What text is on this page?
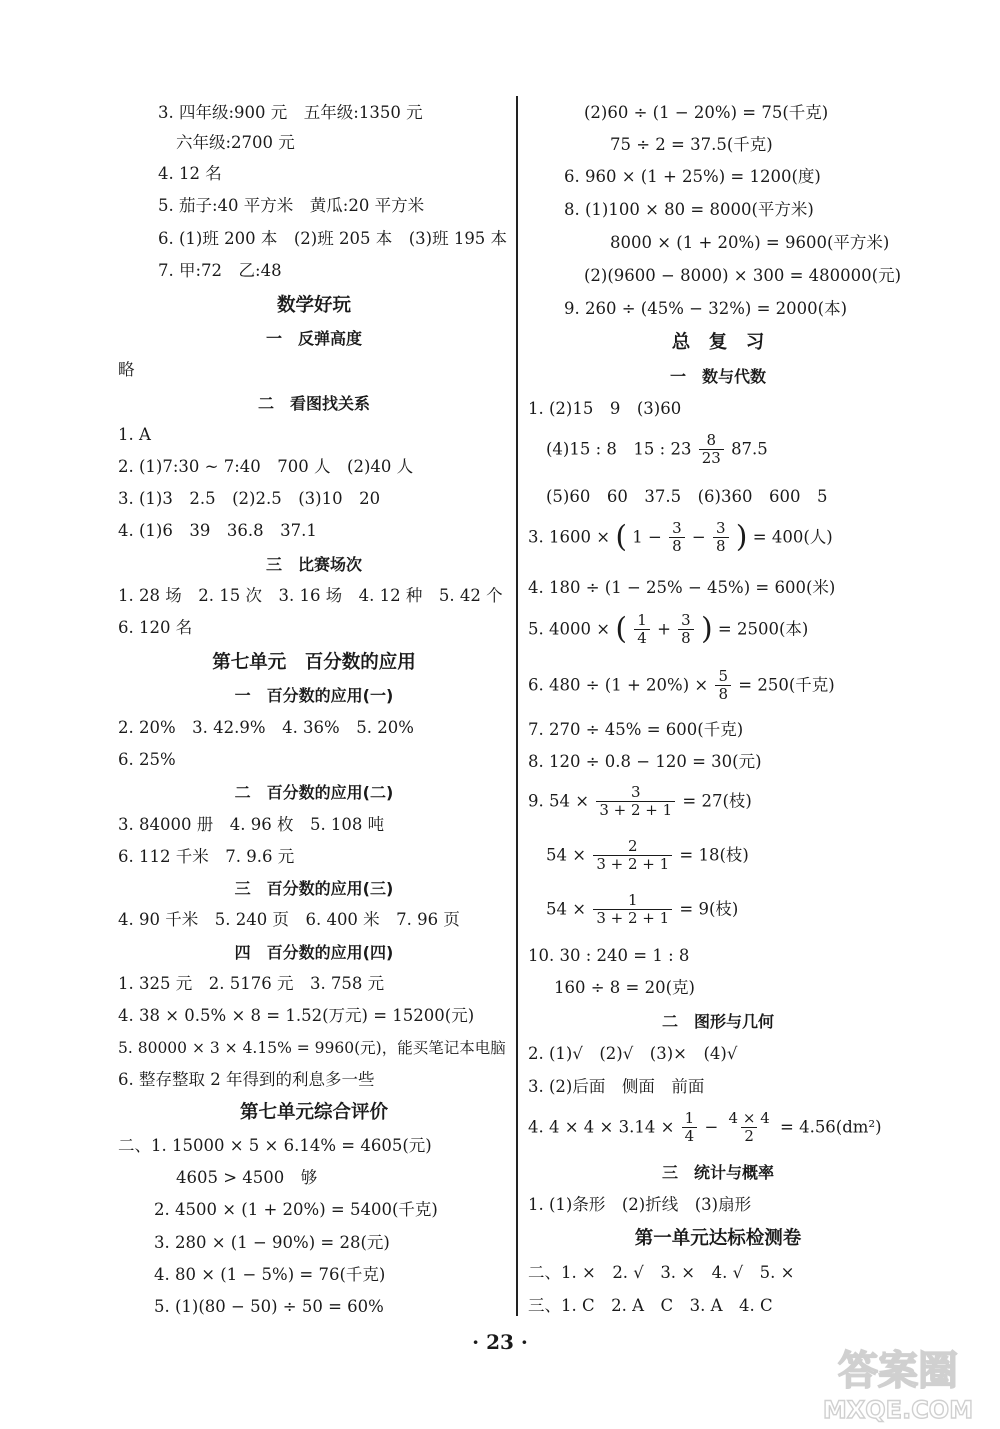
3. 四年级:900 元　五年级:1350 元
六年级:2700 元
4. 12 名
5. 茄子:40 平方米　黄瓜:20 平方米
6. (1)班 200 本　(2)班 205 本　(3)班 195 本
7. 甲:72　乙:48
数学好玩
一　反弹高度
略
二　看图找关系
1. A
2. (1)7:30 ~ 7:40　700 人　(2)40 人
3. (1)3　2.5　(2)2.5　(3)10　20
4. (1)6　39　36.8　37.1
三　比赛场次
1. 28 场　2. 15 次　3. 16 场　4. 12 种　5. 42 个
6. 120 名
第七单元　百分数的应用
一　百分数的应用(一)
2. 20%　3. 42.9%　4. 36%　5. 20%
6. 25%
二　百分数的应用(二)
3. 84000 册　4. 96 枚　5. 108 吨
6. 112 千米　7. 9.6 元
三　百分数的应用(三)
4. 90 千米　5. 240 页　6. 400 米　7. 96 页
四　百分数的应用(四)
1. 325 元　2. 5176 元　3. 758 元
4. 38 × 0.5% × 8 = 1.52(万元) = 15200(元)
5. 80000 × 3 × 4.15% = 9960(元)，能买笔记本电脑
6. 整存整取 2 年得到的利息多一些
第七单元综合评价
二、1. 15000 × 5 × 6.14% = 4605(元)
4605 > 4500　够
2. 4500 × (1 + 20%) = 5400(千克)
3. 280 × (1 − 90%) = 28(元)
4. 80 × (1 − 5%) = 76(千克)
5. (1)(80 − 50) ÷ 50 = 60%
(2)60 ÷ (1 − 20%) = 75(千克)
75 ÷ 2 = 37.5(千克)
6. 960 × (1 + 25%) = 1200(度)
8. (1)100 × 80 = 8000(平方米)
8000 × (1 + 20%) = 9600(平方米)
(2)(9600 − 8000) × 300 = 480000(元)
9. 260 ÷ (45% − 32%) = 2000(本)
总　复　习
一　数与代数
1. (2)15　9　(3)60
(4)15 : 8　15 : $23 \frac{8}{23} 87.5$
(5)60　60　37.5　(6)360　600　5
3. 1600 × ( $1 - \frac{3}{8} - \frac{3}{8}$ ) = 400(人)
4. 180 ÷ (1 − 25% − 45%) = 600(米)
5. 4000 × ( $\frac{1}{4} + \frac{3}{8}$ ) = 2500(本)
6. $480 \div (1 + 20\%) \times \frac{5}{8} = 250$(千克)
7. 270 ÷ 45% = 600(千克)
8. 120 ÷ 0.8 − 120 = 30(元)
9. $54 \times \frac{3}{3 + 2 + 1} = 27$(枝)
$54 \times \frac{2}{3 + 2 + 1} = 18$(枝)
$54 \times \frac{1}{3 + 2 + 1} = 9$(枝)
10. 30 : 240 = 1 : 8
160 ÷ 8 = 20(克)
二　图形与几何
2. (1)√　(2)√　(3)×　(4)√
3. (2)后面　侧面　前面
4. $4 \times 4 \times 3.14 \times \frac{1}{4} - \frac{4 \times 4}{2} = 4.56(dm^2)$
三　统计与概率
1. (1)条形　(2)折线　(3)扇形
第一单元达标检测卷
二、1. ×　2. √　3. ×　4. √　5. ×
三、1. C　2. A　C　3. A　4. C
· 23 ·
答案圈
MXQE.COM
